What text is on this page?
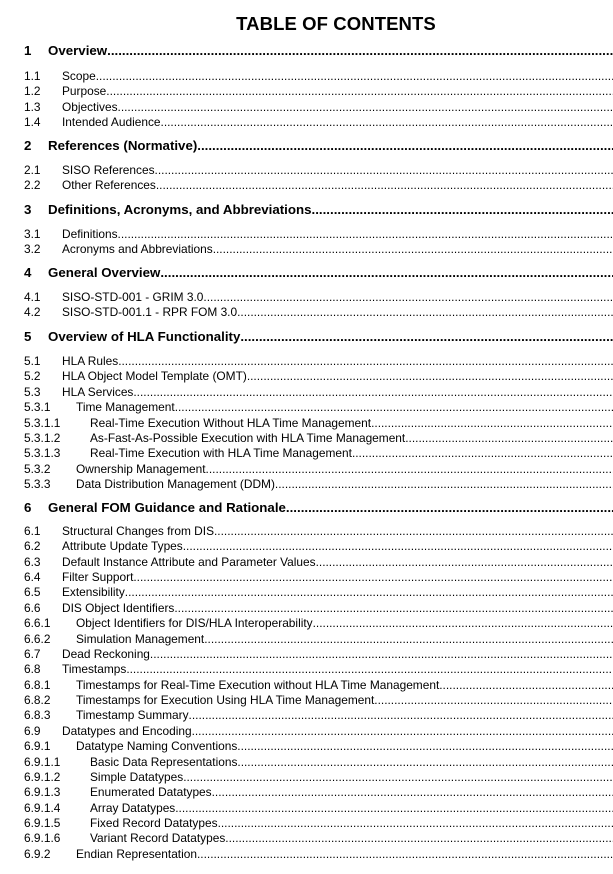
TABLE OF CONTENTS
1 Overview
.....
1.1 Scope
.....
1.2 Purpose
.....
1.3 Objectives
.....
1.4 Intended Audience
.....
2 References (Normative)
.....
2.1 SISO References
.....
2.2 Other References
.....
3 Definitions, Acronyms, and Abbreviations
.....
3.1 Definitions
.....
3.2 Acronyms and Abbreviations
.....
4 General Overview
.....
4.1 SISO-STD-001 - GRIM 3.0
.....
4.2 SISO-STD-001.1 - RPR FOM 3.0
.....
5 Overview of HLA Functionality
.....
5.1 HLA Rules
.....
5.2 HLA Object Model Template (OMT)
.....
5.3 HLA Services
.....
5.3.1 Time Management
.....
5.3.1.1 Real-Time Execution Without HLA Time Management
.....
5.3.1.2 As-Fast-As-Possible Execution with HLA Time Management
.....
5.3.1.3 Real-Time Execution with HLA Time Management
.....
5.3.2 Ownership Management
.....
5.3.3 Data Distribution Management (DDM)
.....
6 General FOM Guidance and Rationale
.....
6.1 Structural Changes from DIS
.....
6.2 Attribute Update Types
.....
6.3 Default Instance Attribute and Parameter Values
.....
6.4 Filter Support
.....
6.5 Extensibility
.....
6.6 DIS Object Identifiers
.....
6.6.1 Object Identifiers for DIS/HLA Interoperability
.....
6.6.2 Simulation Management
.....
6.7 Dead Reckoning
.....
6.8 Timestamps
.....
6.8.1 Timestamps for Real-Time Execution without HLA Time Management
.....
6.8.2 Timestamps for Execution Using HLA Time Management
.....
6.8.3 Timestamp Summary
.....
6.9 Datatypes and Encoding
.....
6.9.1 Datatype Naming Conventions
.....
6.9.1.1 Basic Data Representations
.....
6.9.1.2 Simple Datatypes
.....
6.9.1.3 Enumerated Datatypes
.....
6.9.1.4 Array Datatypes
.....
6.9.1.5 Fixed Record Datatypes
.....
6.9.1.6 Variant Record Datatypes
.....
6.9.2 Endian Representation
.....
